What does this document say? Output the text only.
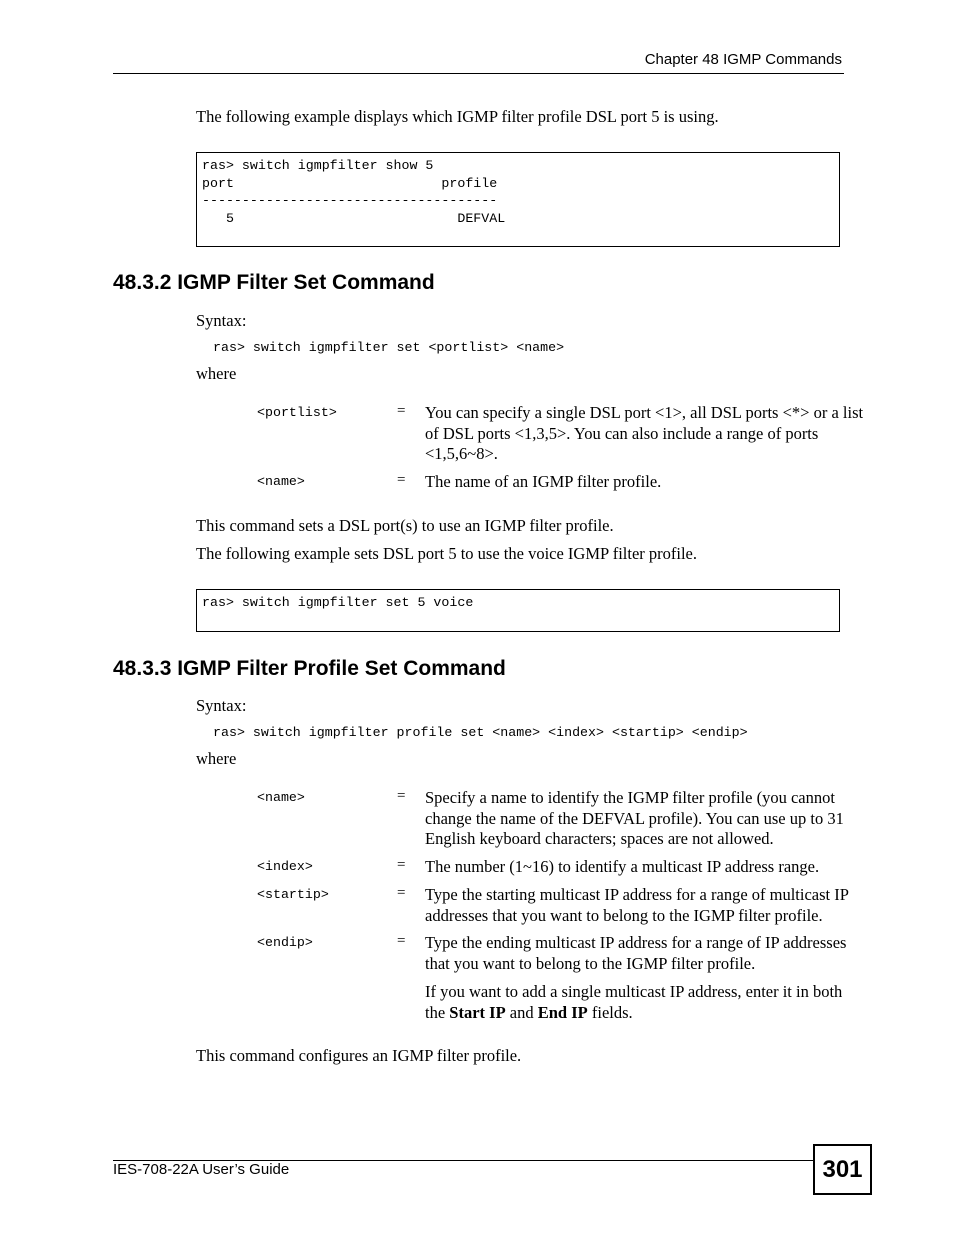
Chapter 48 IGMP Commands
The following example displays which IGMP filter profile DSL port 5 is using.
ras> switch igmpfilter show 5
port                          profile
-------------------------------------
5                            DEFVAL
48.3.2 IGMP Filter Set Command
Syntax:
ras> switch igmpfilter set <portlist> <name>
where
<portlist>	= You can specify a single DSL port <1>, all DSL ports <*> or a list of DSL ports <1,3,5>. You can also include a range of ports <1,5,6~8>.
<name>	= The name of an IGMP filter profile.
This command sets a DSL port(s) to use an IGMP filter profile.
The following example sets DSL port 5 to use the voice IGMP filter profile.
ras> switch igmpfilter set 5 voice
48.3.3 IGMP Filter Profile Set Command
Syntax:
ras> switch igmpfilter profile set <name> <index> <startip> <endip>
where
<name>	= Specify a name to identify the IGMP filter profile (you cannot change the name of the DEFVAL profile). You can use up to 31 English keyboard characters; spaces are not allowed.
<index>	= The number (1~16) to identify a multicast IP address range.
<startip>	= Type the starting multicast IP address for a range of multicast IP addresses that you want to belong to the IGMP filter profile.
<endip>	= Type the ending multicast IP address for a range of IP addresses that you want to belong to the IGMP filter profile.
If you want to add a single multicast IP address, enter it in both the Start IP and End IP fields.
This command configures an IGMP filter profile.
IES-708-22A User’s Guide	301
